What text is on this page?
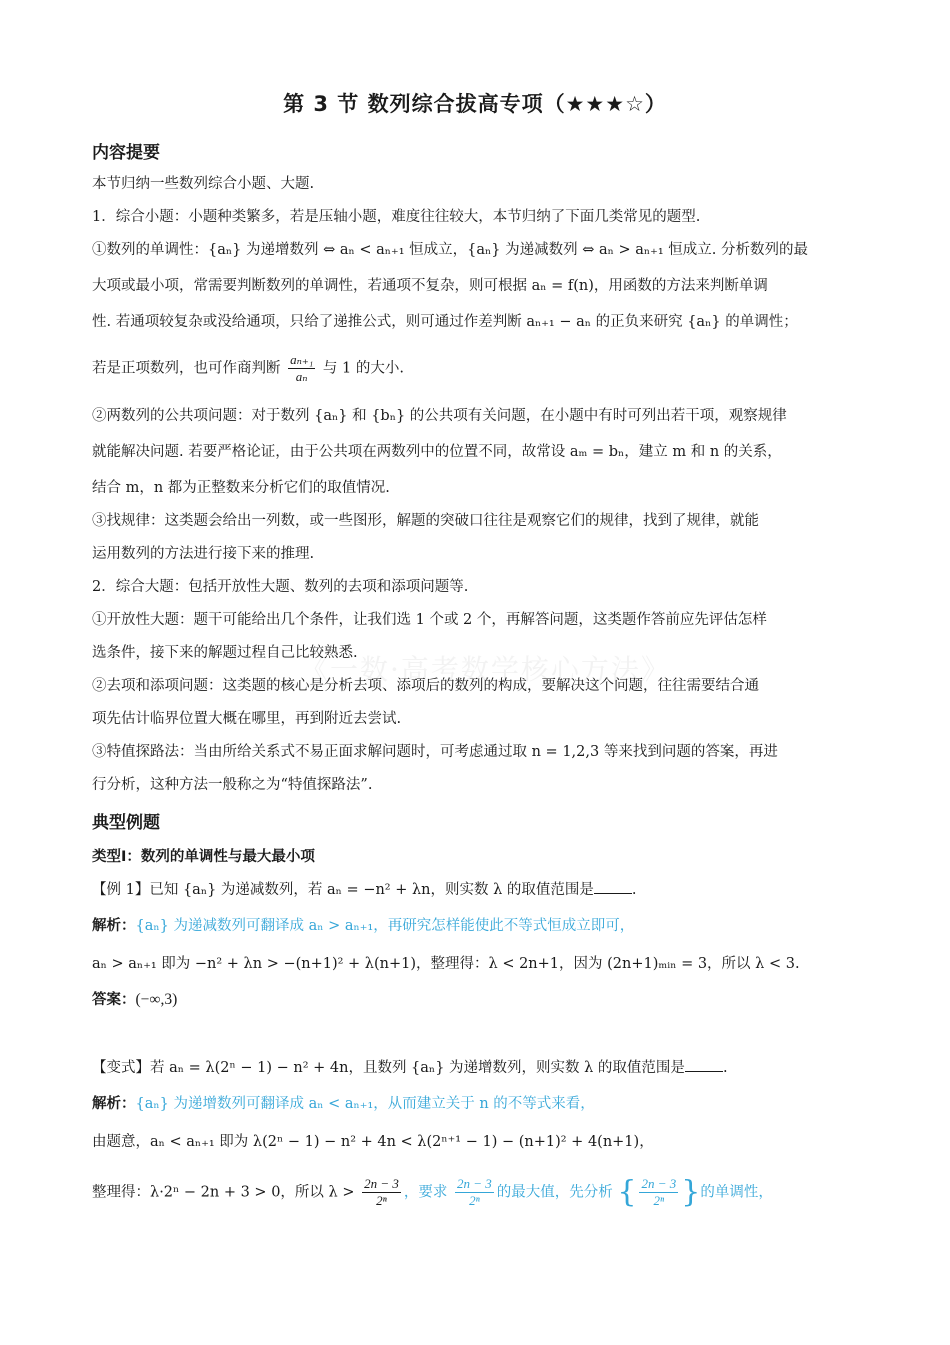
《一数·高考数学核心方法》
第 3 节 数列综合拔高专项（★★★☆）
内容提要
本节归纳一些数列综合小题、大题.
1．综合小题：小题种类繁多，若是压轴小题，难度往往较大，本节归纳了下面几类常见的题型.
①数列的单调性：{aₙ} 为递增数列 ⇔ aₙ < aₙ₊₁ 恒成立，{aₙ} 为递减数列 ⇔ aₙ > aₙ₊₁ 恒成立. 分析数列的最
大项或最小项，常需要判断数列的单调性，若通项不复杂，则可根据 aₙ = f(n)，用函数的方法来判断单调
性. 若通项较复杂或没给通项，只给了递推公式，则可通过作差判断 aₙ₊₁ − aₙ 的正负来研究 {aₙ} 的单调性；
若是正项数列，也可作商判断 $\frac{\text{aₙ₊₁}}{\text{aₙ}}$ 与 1 的大小.
②两数列的公共项问题：对于数列 {aₙ} 和 {bₙ} 的公共项有关问题，在小题中有时可列出若干项，观察规律
就能解决问题. 若要严格论证，由于公共项在两数列中的位置不同，故常设 aₘ = bₙ，建立 m 和 n 的关系，
结合 m，n 都为正整数来分析它们的取值情况.
③找规律：这类题会给出一列数，或一些图形，解题的突破口往往是观察它们的规律，找到了规律，就能
运用数列的方法进行接下来的推理.
2．综合大题：包括开放性大题、数列的去项和添项问题等.
①开放性大题：题干可能给出几个条件，让我们选 1 个或 2 个，再解答问题，这类题作答前应先评估怎样
选条件，接下来的解题过程自己比较熟悉.
②去项和添项问题：这类题的核心是分析去项、添项后的数列的构成，要解决这个问题，往往需要结合通
项先估计临界位置大概在哪里，再到附近去尝试.
③特值探路法：当由所给关系式不易正面求解问题时，可考虑通过取 n = 1,2,3 等来找到问题的答案，再进
行分析，这种方法一般称之为“特值探路法”.
典型例题
类型Ⅰ：数列的单调性与最大最小项
【例 1】已知 {aₙ} 为递减数列，若 aₙ = −n² + λn，则实数 λ 的取值范围是	.
解析：{aₙ} 为递减数列可翻译成 aₙ > aₙ₊₁，再研究怎样能使此不等式恒成立即可，
aₙ > aₙ₊₁ 即为 −n² + λn > −(n+1)² + λ(n+1)，整理得：λ < 2n+1，因为 (2n+1)ₘᵢₙ = 3，所以 λ < 3.
答案：(−∞,3)
【变式】若 aₙ = λ(2ⁿ − 1) − n² + 4n，且数列 {aₙ} 为递增数列，则实数 λ 的取值范围是	.
解析：{aₙ} 为递增数列可翻译成 aₙ < aₙ₊₁，从而建立关于 n 的不等式来看，
由题意，aₙ < aₙ₊₁ 即为 λ(2ⁿ − 1) − n² + 4n < λ(2ⁿ⁺¹ − 1) − (n+1)² + 4(n+1)，
整理得：λ·2ⁿ − 2n + 3 > 0，所以 $\lambda > \frac{2n - 3}{\text{2ⁿ}}$ ，要求 $\frac{2n - 3}{\text{2ⁿ}}$ 的最大值，先分析 { $\frac{2n - 3}{\text{2ⁿ}}$ }的单调性，
